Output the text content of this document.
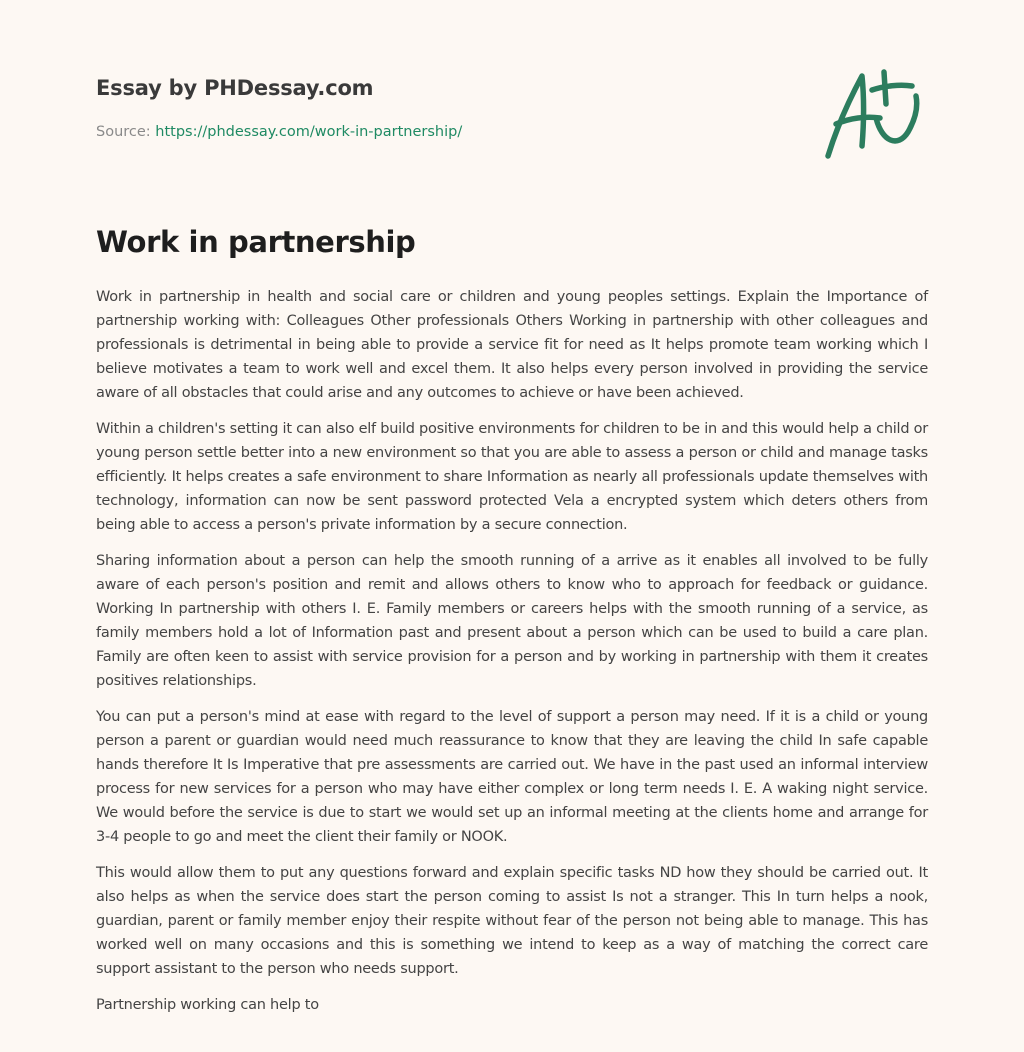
Essay by PHDessay.com
Source: https://phdessay.com/work-in-partnership/
Work in partnership

Work in partnership in health and social care or children and young peoples settings. Explain the Importance of partnership working with: Colleagues Other professionals Others Working in partnership with other colleagues and professionals is detrimental in being able to provide a service fit for need as It helps promote team working which I believe motivates a team to work well and excel them. It also helps every person involved in providing the service aware of all obstacles that could arise and any outcomes to achieve or have been achieved.

Within a children's setting it can also elf build positive environments for children to be in and this would help a child or young person settle better into a new environment so that you are able to assess a person or child and manage tasks efficiently. It helps creates a safe environment to share Information as nearly all professionals update themselves with technology, information can now be sent password protected Vela a encrypted system which deters others from being able to access a person's private information by a secure connection.

Sharing information about a person can help the smooth running of a arrive as it enables all involved to be fully aware of each person's position and remit and allows others to know who to approach for feedback or guidance. Working In partnership with others I. E. Family members or careers helps with the smooth running of a service, as family members hold a lot of Information past and present about a person which can be used to build a care plan. Family are often keen to assist with service provision for a person and by working in partnership with them it creates positives relationships.

You can put a person's mind at ease with regard to the level of support a person may need. If it is a child or young person a parent or guardian would need much reassurance to know that they are leaving the child In safe capable hands therefore It Is Imperative that pre assessments are carried out. We have in the past used an informal interview process for new services for a person who may have either complex or long term needs I. E. A waking night service. We would before the service is due to start we would set up an informal meeting at the clients home and arrange for 3-4 people to go and meet the client their family or NOOK.

This would allow them to put any questions forward and explain specific tasks ND how they should be carried out. It also helps as when the service does start the person coming to assist Is not a stranger. This In turn helps a nook, guardian, parent or family member enjoy their respite without fear of the person not being able to manage. This has worked well on many occasions and this is something we intend to keep as a way of matching the correct care support assistant to the person who needs support.

Partnership working can help to
